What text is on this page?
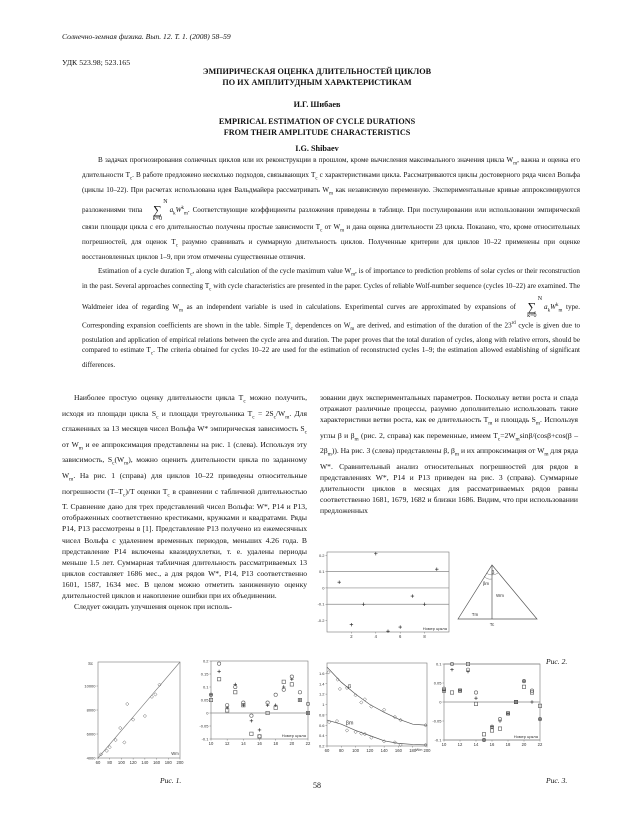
Солнечно-земная физика. Вып. 12. Т. 1. (2008) 58–59
УДК 523.98; 523.165
ЭМПИРИЧЕСКАЯ ОЦЕНКА ДЛИТЕЛЬНОСТЕЙ ЦИКЛОВ
ПО ИХ АМПЛИТУДНЫМ ХАРАКТЕРИСТИКАМ
И.Г. Шибаев
EMPIRICAL ESTIMATION OF CYCLE DURATIONS
FROM THEIR AMPLITUDE CHARACTERISTICS
I.G. Shibaev

В задачах прогнозирования солнечных циклов или их реконструкции в прошлом, кроме вычисления максимального значения цикла $W_m$, важна и оценка его длительности $T_c$. В работе предложено несколько подходов, связывающих $T_c$ с характеристиками цикла. Рассматриваются циклы достоверного ряда чисел Вольфа (циклы 10–22). При расчетах использована идея Вальдмайера рассматривать $W_m$ как независимую переменную. Экспериментальные кривые аппроксимируются разложениями типа N
∑
$k=0a_kW^k_m$. Соответствующие коэффициенты разложения приведены в таблице. При постулировании или использовании эмпирической связи площади цикла с его длительностью получены простые зависимости $T_c$ от $W_m$ и дана оценка длительности 23 цикла. Показано, что, кроме относительных погрешностей, для оценок $T_c$ разумно сравнивать и суммарную длительность циклов. Полученные критерии для циклов 10–22 применены при оценке восстановленных циклов 1–9, при этом отмечены существенные отличия.

Estimation of a cycle duration $T_c$, along with calculation of the cycle maximum value $W_m$, is of importance to prediction problems of solar cycles or their reconstruction in the past. Several approaches connecting $T_c$ with cycle characteristics are presented in the paper. Cycles of reliable Wolf-number sequence (cycles 10–22) are examined. The Waldmeier idea of regarding $W_m$ as an independent variable is used in calculations. Experimental curves are approximated by expansions of N
∑
$k=0a_kW^k_m$ type. Corresponding expansion coefficients are shown in the table. Simple $T_c$ dependences on $W_m$ are derived, and estimation of the duration of the 23rd cycle is given due to postulation and application of empirical relations between the cycle area and duration. The paper proves that the total duration of cycles, along with relative errors, should be compared to estimate $T_c$. The criteria obtained for cycles 10–22 are used for the estimation of reconstructed cycles 1–9; the estimation allowed establishing of significant differences.

Наиболее простую оценку длительности цикла $T_c$ можно получить, исходя из площади цикла $S_c$ и площади треугольника $T_c = 2S_c/W_m$. Для сглаженных за 13 месяцев чисел Вольфа W* эмпирическая зависимость $S_c$ от $W_m$ и ее аппроксимация представлены на рис. 1 (слева). Используя эту зависимость, $S_c(W_m)$, можно оценить длительности цикла по заданному $W_m$. На рис. 1 (справа) для циклов 10–22 приведены относительные погрешности $(T-T_c)/T$ оценки $T_c$ в сравнении с табличной длительностью T. Сравнение дано для трех представлений чисел Вольфа: W*, P14 и P13, отображенных соответственно крестиками, кружками и квадратами. Ряды P14, P13 рассмотрены в [1]. Представление P13 получено из ежемесячных чисел Вольфа с удалением временных периодов, меньших 4.26 года. В представление P14 включены квазидвухлетки, т. е. удалены периоды меньше 1.5 лет. Суммарная табличная длительность рассматриваемых 13 циклов составляет 1686 мес., а для рядов W*, P14, P13 соответственно 1601, 1587, 1634 мес. В целом можно отметить заниженную оценку длительностей циклов и накопление ошибки при их объединении.

Следует ожидать улучшения оценок при исполь-

зовании двух экспериментальных параметров. Поскольку ветви роста и спада отражают различные процессы, разумно дополнительно использовать такие характеристики ветви роста, как ее длительность $T_m$ и площадь $S_m$. Используя углы β и $\beta_m$ (рис. 2, справа) как переменные, имеем $T_c=2W_m\sin\beta/(\cos\beta+\cos(\beta - 2\beta_m))$. На рис. 3 (слева) представлены β, $\beta_m$ и их аппроксимация от $W_m$ для ряда W*. Сравнительный анализ относительных погрешностей для рядов в представлениях W*, P14 и P13 приведен на рис. 3 (справа). Суммарные длительности циклов в месяцах для рассматриваемых рядов равны соответственно 1681, 1679, 1682 и близки 1686. Видим, что при использовании предложенных

60 80 100 120 140 160 180 200
4000
6000
8000
10000
Sc
Wm
10	12	14	16	18	20	22
-0.1
-0.05
0
0.05
0.1
0.15
0.2
Номер цикла
2	4	6	8
-0.2
-0.1
0
0.1
0.2
Номер цикла
β
βm
Wm
Tm
Tc
60 80 100 120 140 160 180 200
0.2
0.4
0.6
0.8
1
1.2
1.4
1.6
β
βm
Wm
10	12	14	16	18	20	22
-0.1
-0.05
0
0.05
0.1
Номер цикла
Рис. 1.
Рис. 2.
Рис. 3.
58
